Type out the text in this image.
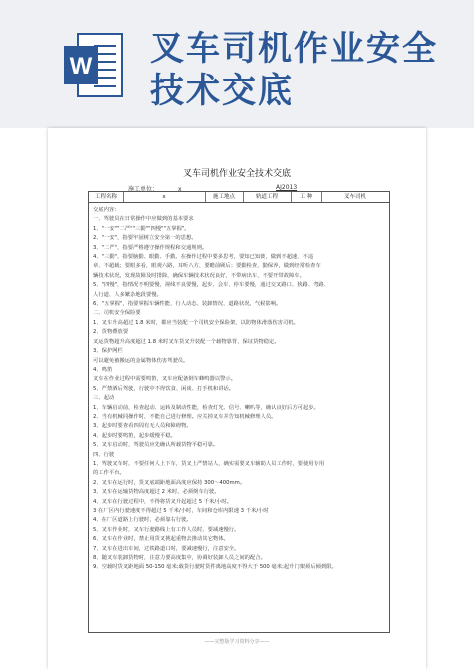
W 叉车司机作业安全
技术交底
叉车司机作业安全技术交底
施工单位：	x	AJ2013
工程名称	x	施工地点	轨道工程	工 种	叉车司机
交底内容：
一、驾驶员在日常操作中应做到的基本要求
1、"一安""二严""三勤""四慢""五掌握"。
2、"一安"，指要牢固树立安全第一的思想。
3、"二严"，指要严格遵守操作规程和交通规则。
4、"三勤"，指要脑勤、眼勤、手勤。在操作过程中要多思考，要知已知彼，做到不超速、不违
章、不超载；要眼多看，眼观六路，耳听八方，要瞻前顾后；要勤检查，勤保养，做到经常检查车
辆技术状况，发现故障及时排除，确保车辆技术状况良好，不带病出车，不要开带故障车。
5、"四慢"，指情况不明要慢，视线不良要慢，起步、会车、停车要慢，通过交叉路口、狭路、弯路、
人行道、人多繁杂地段要慢。
6、"五掌握"，指要掌握车辆性能、行人动态、装卸情况、道路状况、气候影响。
二、司机安全保险要
1、叉车升高超过 1.8 米时，都应当装配一个司机安全保险架，以防物体滑落伤害司机。
2、货物叠放要
叉运货物超升高度超过 1.8 米时叉车货叉升装配一个载物靠背，保证货物稳定。
3、保护网栏
可以避免被搬运的金属物体伤害驾驶员。
4、鸣笛
叉车在作业过程中需要鸣笛，叉车应配备倒车蜂鸣器以警示。
5、严禁酒后驾驶，行驶中不得饮食、闲谈、打手机和讲话。
三、起动
1、车辆启动前，检查起动、运转及制动性能，检查灯光、信号、喇叭等，确认良好后方可起步。
2、当有机械同操作时，不能自己进行修理。应关掉叉车并告知机械修理人员。
3、起步时要查看四周有无人员和障碍物。
4、起步时要鸣笛，起步缓慢平稳。
5、叉车启动时，驾驶员应先确认所载货物平稳可靠。
四、行驶
1、驾驶叉车时，不要任何人上下车，货叉上严禁站人，确实需要叉车辅助人员工作时，要使用专用
的工作平台。
2、叉车在运行时，货叉底端距地面高度应保持 300～400mm。
3、叉车在运输货物高度超过 2 米时，必须倒车行驶。
4、叉车在行驶过程中，不得将货叉升起超过 5 千米/小时。
3 在厂区内行驶速度不得超过 5 千米/小时，车间和仓库内限速 3 千米/小时
4、在厂区道路上行驶时，必须靠右行驶。
5、叉车作业时，叉车行驶路线上有工作人员时，要减速慢行。
6、叉车在作业时，禁止用货叉挑起重物去推动其它物体。
7、叉车在进出车间，过铁路道口时，要减速慢行，注意安全。
8、随叉车装卸货物时，注意力要高度集中，协调好装卸人员之间的配合。
9、空载时货叉距地面 50-150 毫米;载货行驶时货件离地高度不得大于 500 毫米;起升门架须后倾到限。
——完整版学习资料分享——
